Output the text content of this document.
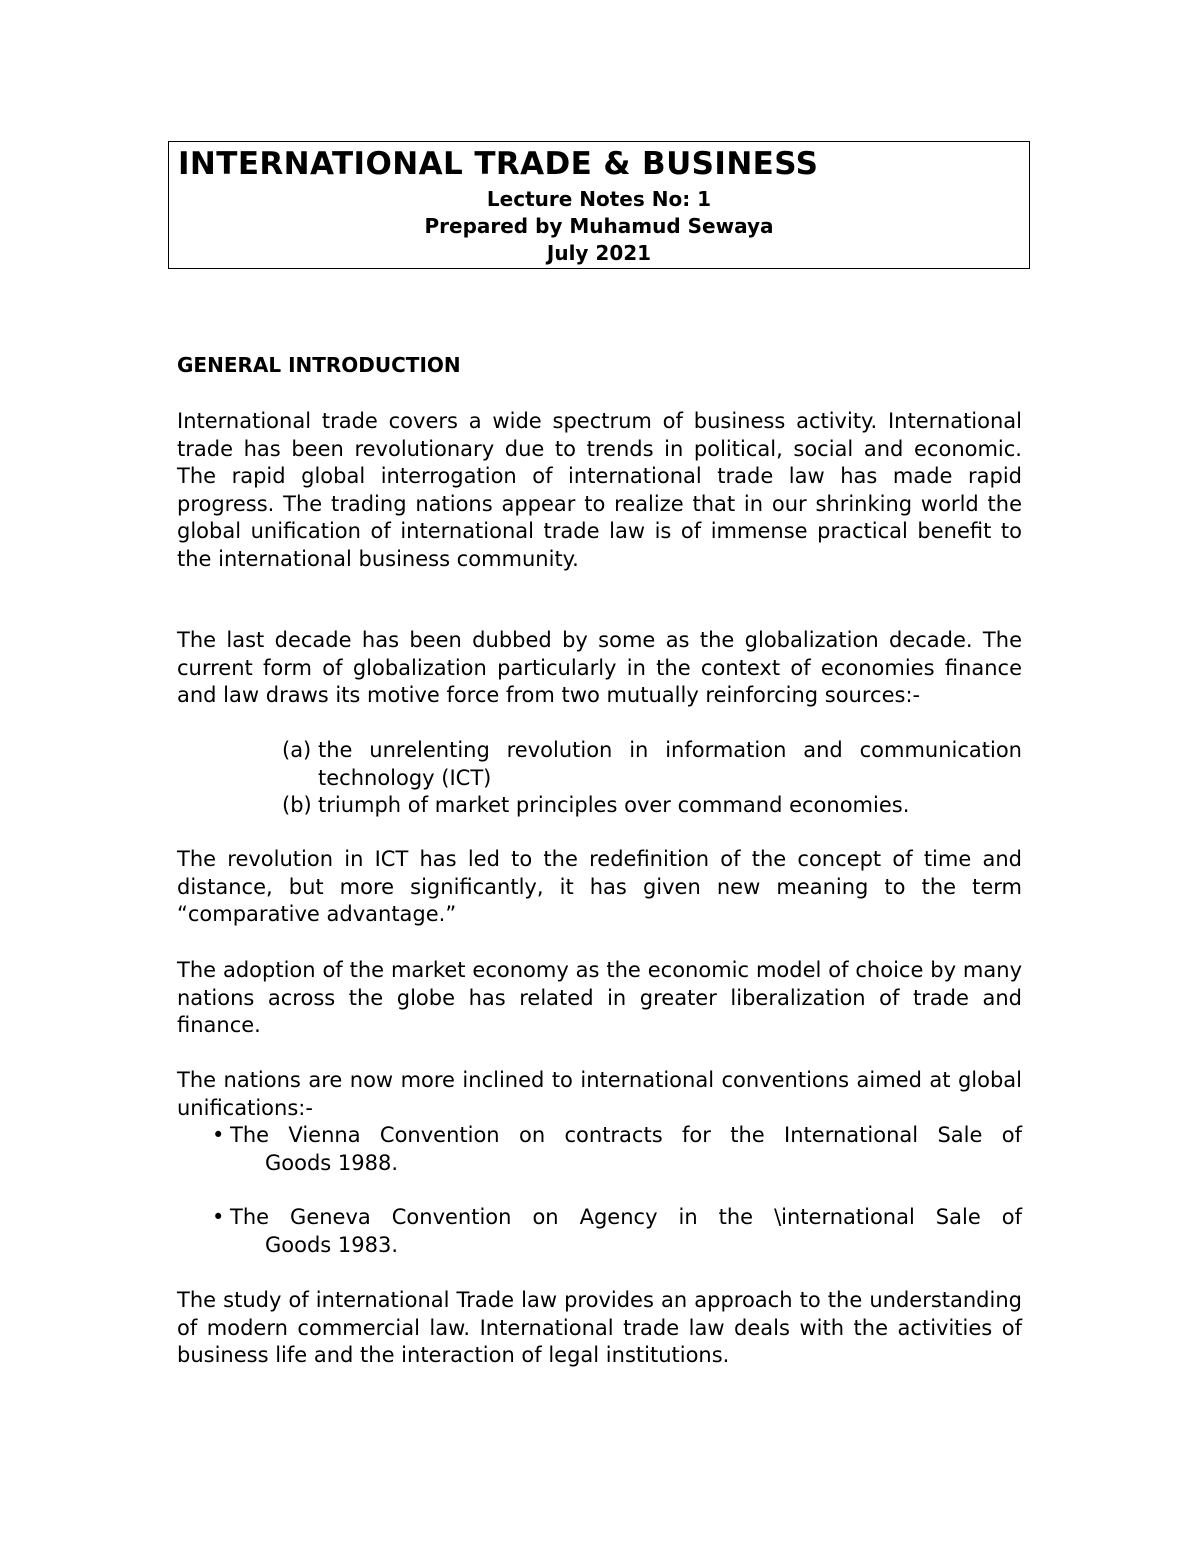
INTERNATIONAL TRADE & BUSINESS
Lecture Notes No: 1
Prepared by Muhamud Sewaya
July 2021
GENERAL INTRODUCTION

International trade covers a wide spectrum of business activity. International trade has been revolutionary due to trends in political, social and economic. The rapid global interrogation of international trade law has made rapid progress. The trading nations appear to realize that in our shrinking world the global unification of international trade law is of immense practical benefit to the international business community.

The last decade has been dubbed by some as the globalization decade. The current form of globalization particularly in the context of economies finance and law draws its motive force from two mutually reinforcing sources:-

(a) the unrelenting revolution in information and communication technology (ICT)
(b) triumph of market principles over command economies.

The revolution in ICT has led to the redefinition of the concept of time and distance, but more significantly, it has given new meaning to the term “comparative advantage.”

The adoption of the market economy as the economic model of choice by many nations across the globe has related in greater liberalization of trade and finance.

The nations are now more inclined to international conventions aimed at global unifications:-

• The Vienna Convention on contracts for the International Sale of
Goods 1988.
• The Geneva Convention on Agency in the \international Sale of
Goods 1983.

The study of international Trade law provides an approach to the understanding of modern commercial law. International trade law deals with the activities of business life and the interaction of legal institutions.
